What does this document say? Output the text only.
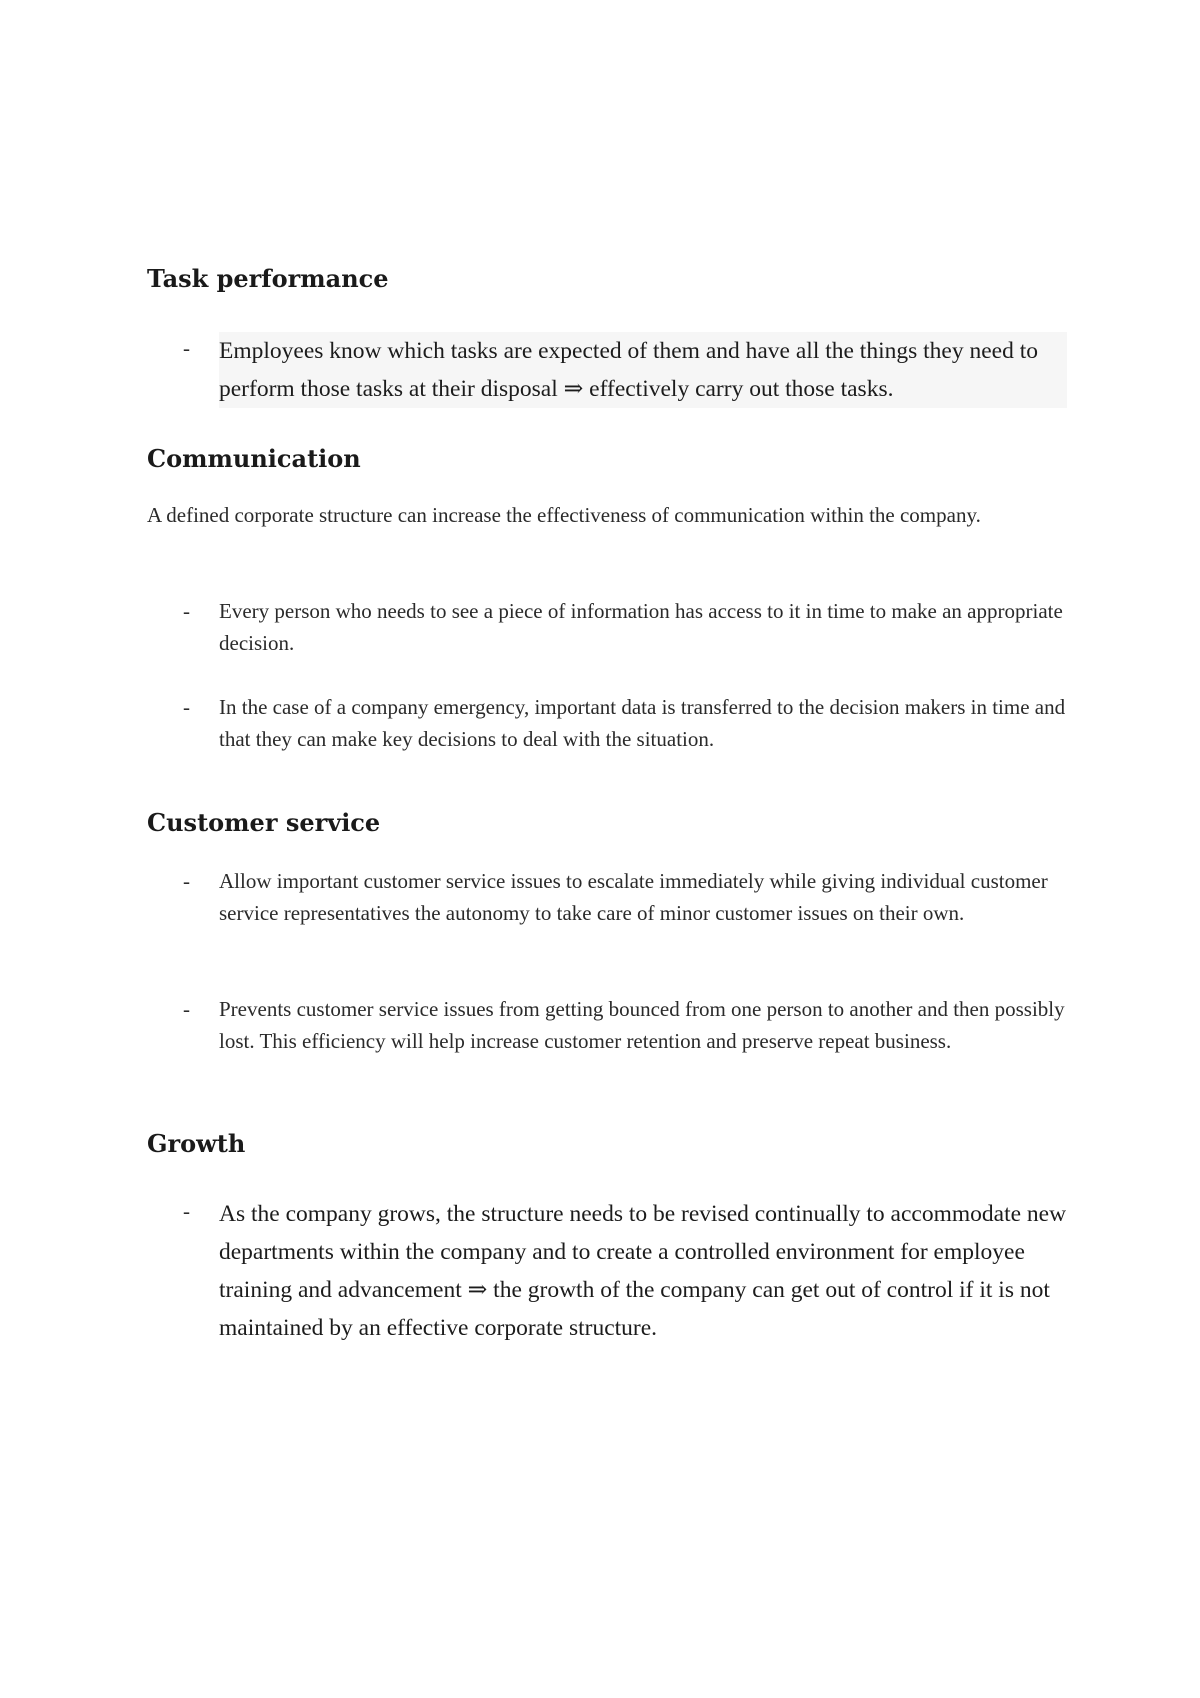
Task performance
- Employees know which tasks are expected of them and have all the things they need to perform those tasks at their disposal ⇒ effectively carry out those tasks.

Communication

A defined corporate structure can increase the effectiveness of communication within the company.

- Every person who needs to see a piece of information has access to it in time to make an appropriate decision.

- In the case of a company emergency, important data is transferred to the decision makers in time and that they can make key decisions to deal with the situation.

Customer service
- Allow important customer service issues to escalate immediately while giving individual customer service representatives the autonomy to take care of minor customer issues on their own.

- Prevents customer service issues from getting bounced from one person to another and then possibly lost. This efficiency will help increase customer retention and preserve repeat business.

Growth
- As the company grows, the structure needs to be revised continually to accommodate new departments within the company and to create a controlled environment for employee training and advancement ⇒ the growth of the company can get out of control if it is not maintained by an effective corporate structure.
